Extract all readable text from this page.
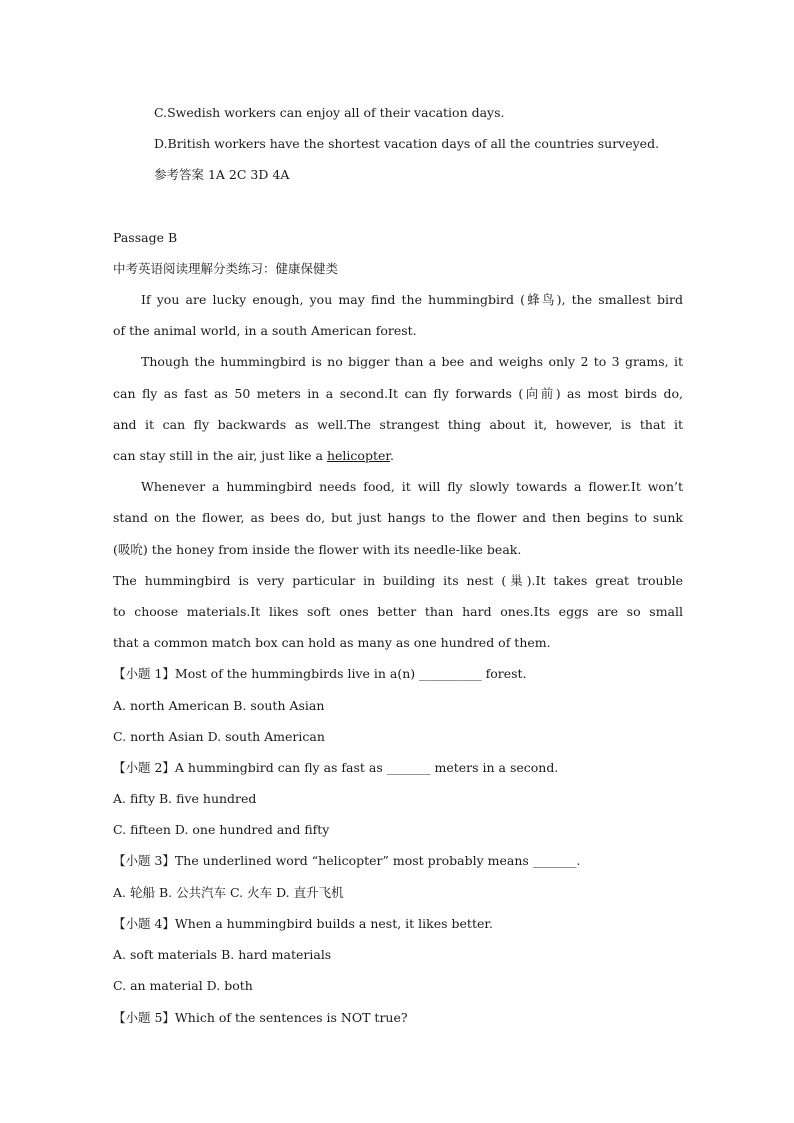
C.Swedish workers can enjoy all of their vacation days.
D.British workers have the shortest vacation days of all the countries surveyed.
参考答案 1A 2C 3D 4A
Passage B
中考英语阅读理解分类练习：健康保健类
If you are lucky enough, you may find the hummingbird (蜂鸟), the smallest bird
of the animal world, in a south American forest.
Though the hummingbird is no bigger than a bee and weighs only 2 to 3 grams, it
can fly as fast as 50 meters in a second.It can fly forwards (向前) as most birds do,
and it can fly backwards as well.The strangest thing about it, however, is that it
can stay still in the air, just like a helicopter.
Whenever a hummingbird needs food, it will fly slowly towards a flower.It won’t
stand on the flower, as bees do, but just hangs to the flower and then begins to sunk
(吸吮) the honey from inside the flower with its needle-like beak.
The hummingbird is very particular in building its nest (巢).It takes great trouble
to choose materials.It likes soft ones better than hard ones.Its eggs are so small
that a common match box can hold as many as one hundred of them.
【小题 1】Most of the hummingbirds live in a(n) __________ forest.
A. north American B. south Asian
C. north Asian D. south American
【小题 2】A hummingbird can fly as fast as _______ meters in a second.
A. fifty B. five hundred
C. fifteen D. one hundred and fifty
【小题 3】The underlined word “helicopter” most probably means _______.
A. 轮船 B. 公共汽车 C. 火车 D. 直升飞机
【小题 4】When a hummingbird builds a nest, it likes better.
A. soft materials B. hard materials
C. an material D. both
【小题 5】Which of the sentences is NOT true?
